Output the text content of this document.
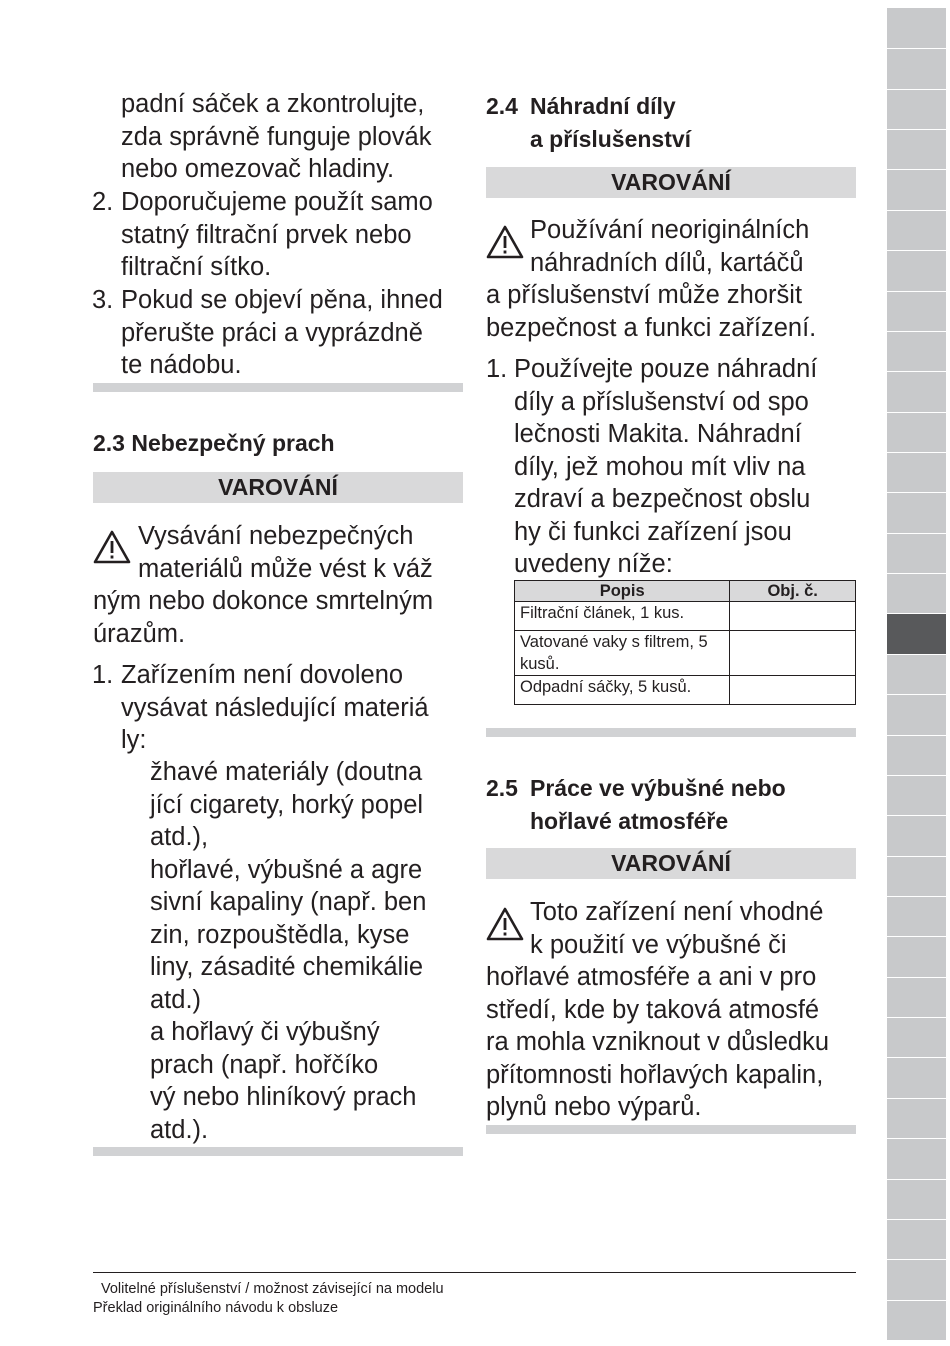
padní sáček a zkontrolujte,
zda správně funguje plovák
nebo omezovač hladiny.
2. Doporučujeme použít samo
statný filtrační prvek nebo
filtrační sítko.
3. Pokud se objeví pěna, ihned
přerušte práci a vyprázdně
te nádobu.
2.3 Nebezpečný prach
VAROVÁNÍ
Vysávání nebezpečných
materiálů může vést k váž
ným nebo dokonce smrtelným
úrazům.
1. Zařízením není dovoleno
vysávat následující materiá
ly:
žhavé materiály (doutna
jící cigarety, horký popel
atd.),
hořlavé, výbušné a agre
sivní kapaliny (např. ben
zin, rozpouštědla, kyse
liny, zásadité chemikálie
atd.)
a hořlavý či výbušný
prach (např. hořčíko
vý nebo hliníkový prach
atd.).
2.4 Náhradní díly
a příslušenství
VAROVÁNÍ
Používání neoriginálních
náhradních dílů, kartáčů
a příslušenství může zhoršit
bezpečnost a funkci zařízení.
1. Používejte pouze náhradní
díly a příslušenství od spo
lečnosti Makita. Náhradní
díly, jež mohou mít vliv na
zdraví a bezpečnost obslu
hy či funkci zařízení jsou
uvedeny níže:
Popis	Obj. č.
Filtrační článek, 1 kus.	
Vatované vaky s filtrem, 5 kusů.	
Odpadní sáčky, 5 kusů.	
2.5 Práce ve výbušné nebo
hořlavé atmosféře
VAROVÁNÍ
Toto zařízení není vhodné
k použití ve výbušné či
hořlavé atmosféře a ani v pro
středí, kde by taková atmosfé
ra mohla vzniknout v důsledku
přítomnosti hořlavých kapalin,
plynů nebo výparů.
Volitelné příslušenství / možnost závisející na modelu
Překlad originálního návodu k obsluze
